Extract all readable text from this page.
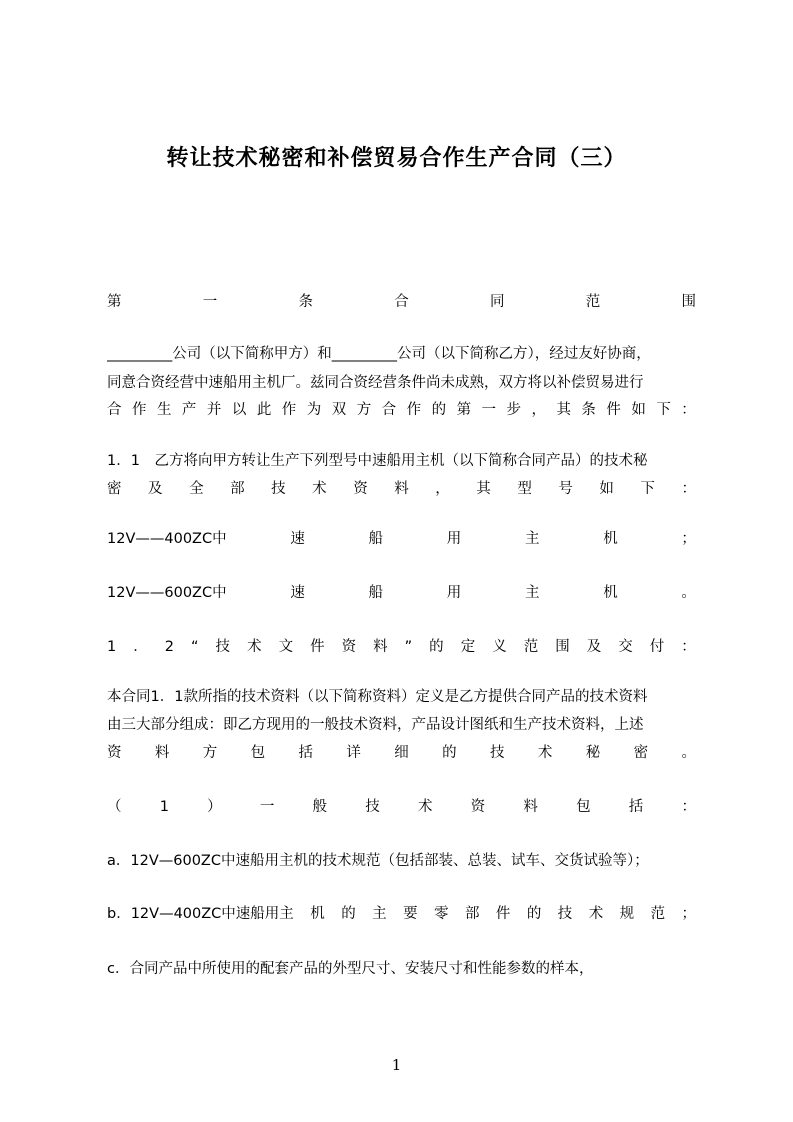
转让技术秘密和补偿贸易合作生产合同（三）
第	一	条	合	同	范	围
_________公司（以下简称甲方）和_________公司（以下简称乙方），经过友好协商，
同意合资经营中速船用主机厂。兹同合资经营条件尚未成熟，双方将以补偿贸易进行
合 作 生 产 并 以 此 作 为 双 方 合 作 的 第 一 步 ， 其 条 件 如 下 ：
1．1　乙方将向甲方转让生产下列型号中速船用主机（以下简称合同产品）的技术秘
密 及 全 部 技 术 资 料 ， 其 型 号 如 下 ：
12V——400ZC中	速	船	用	主	机	；
12V——600ZC中	速	船	用	主	机	。
1 ． 2 “ 技 术 文 件 资 料 ” 的 定 义 范 围 及 交 付 ：
本合同1．1款所指的技术资料（以下简称资料）定义是乙方提供合同产品的技术资料
由三大部分组成：即乙方现用的一般技术资料，产品设计图纸和生产技术资料，上述
资 料 方 包 括 详 细 的 技 术 秘 密 。
（	1	）	一	般	技	术	资	料	包	括	：
a．12V—600ZC中速船用主机的技术规范（包括部装、总装、试车、交货试验等）；
b．12V—400ZC中速船用主 机 的 主 要 零 部 件 的 技 术 规 范 ；
c．合同产品中所使用的配套产品的外型尺寸、安装尺寸和性能参数的样本，
1
